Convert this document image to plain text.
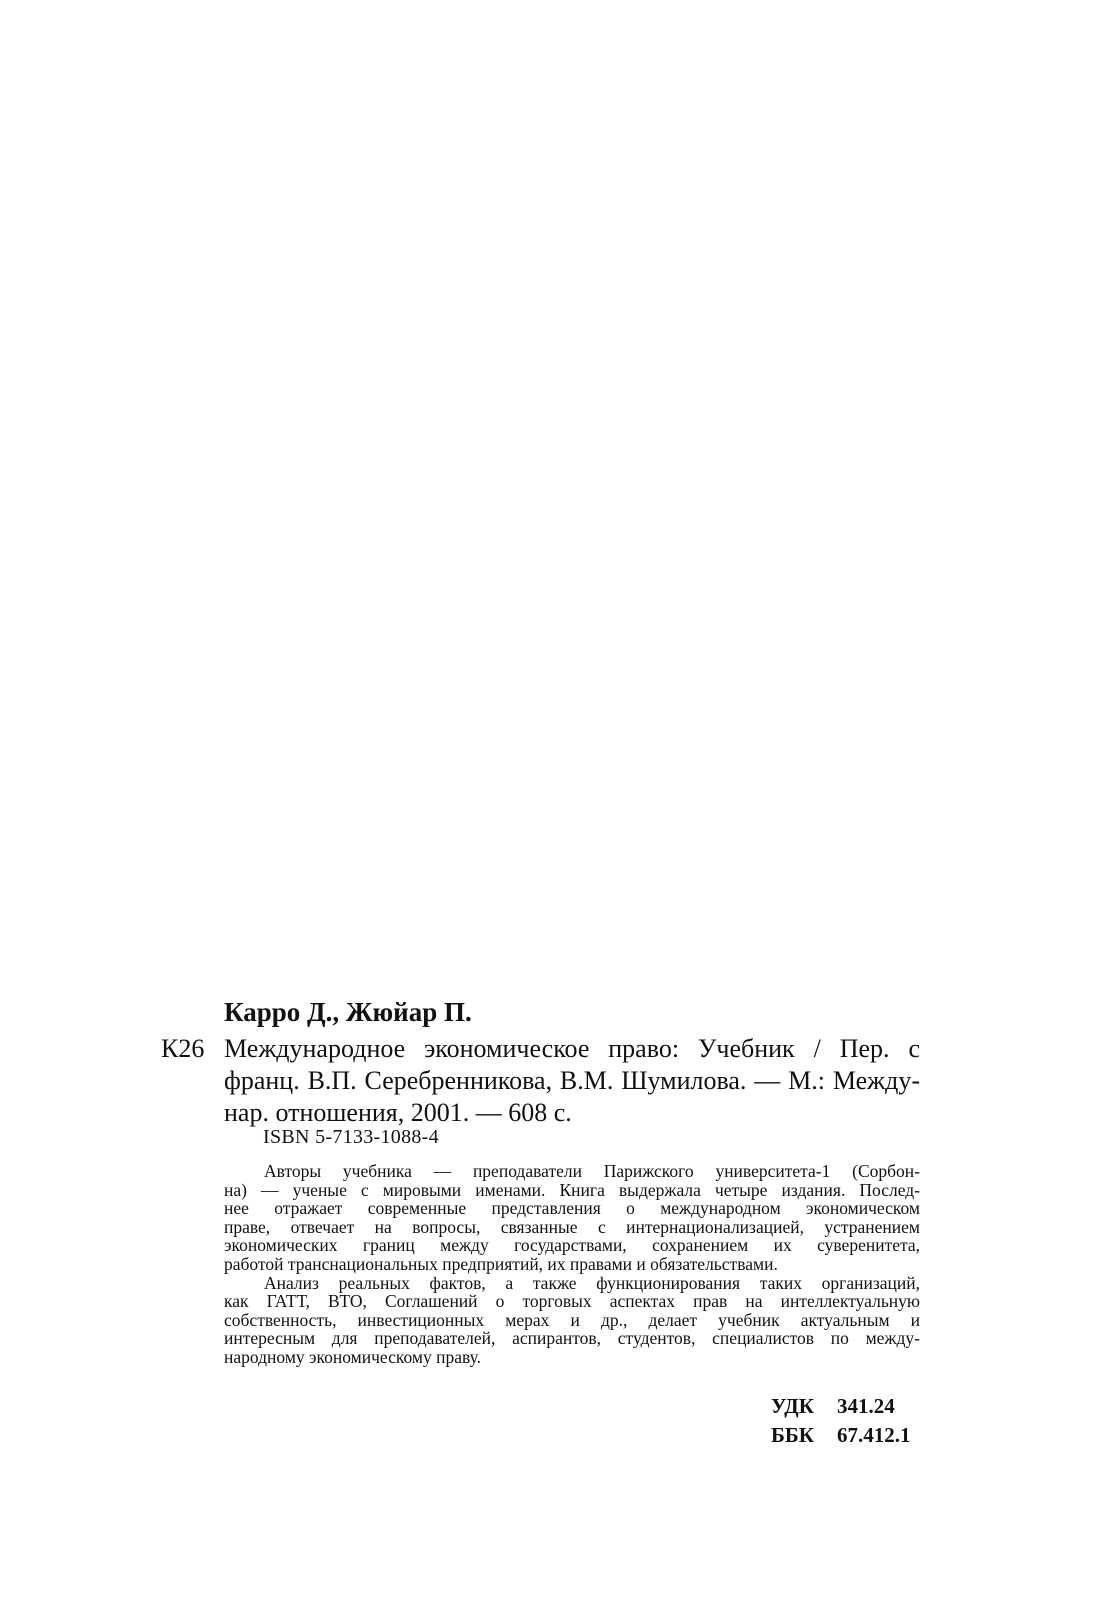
Карро Д., Жюйар П.
К26 Международное экономическое право: Учебник / Пер. с
франц. В.П. Серебренникова, В.М. Шумилова. — М.: Между-
нар. отношения, 2001. — 608 с.
ISBN 5-7133-1088-4
Авторы учебника — преподаватели Парижского университета-1 (Сорбон-
на) — ученые с мировыми именами. Книга выдержала четыре издания. Послед-
нее отражает современные представления о международном экономическом
праве, отвечает на вопросы, связанные с интернационализацией, устранением
экономических границ между государствами, сохранением их суверенитета,
работой транснациональных предприятий, их правами и обязательствами.
Анализ реальных фактов, а также функционирования таких организаций,
как ГАТТ, ВТО, Соглашений о торговых аспектах прав на интеллектуальную
собственность, инвестиционных мерах и др., делает учебник актуальным и
интересным для преподавателей, аспирантов, студентов, специалистов по между-
народному экономическому праву.
УДК	341.24
ББК	67.412.1
